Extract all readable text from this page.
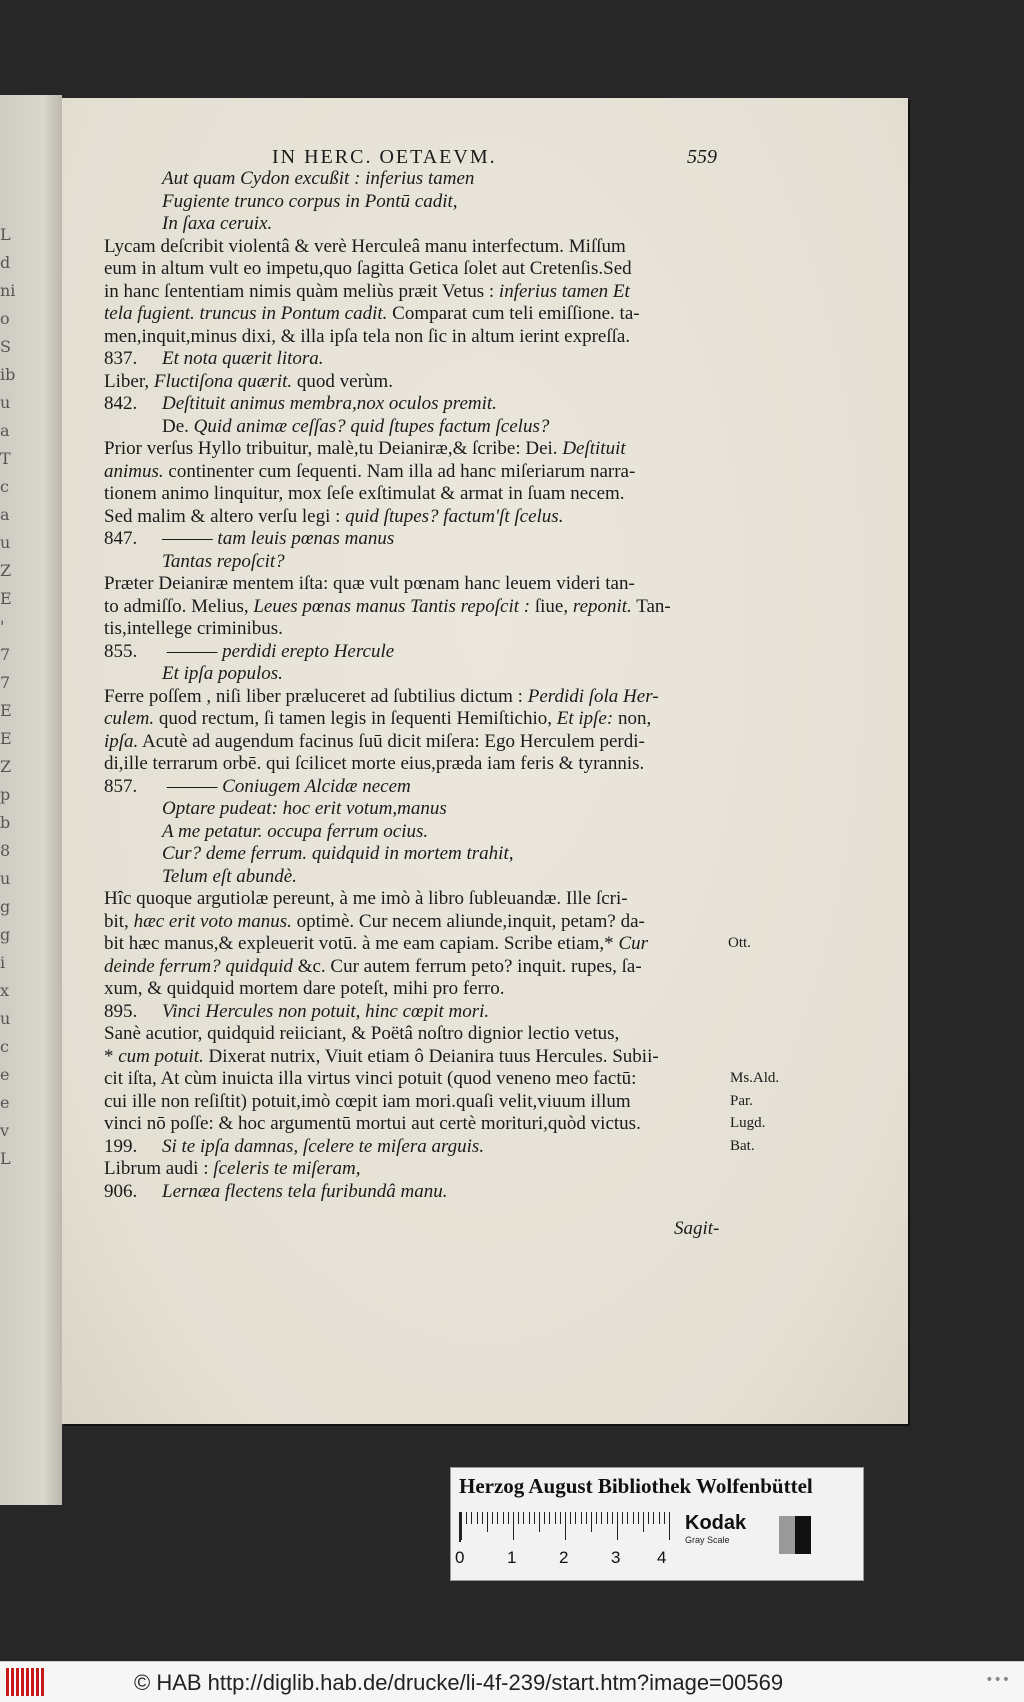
L
d
ni
o
S
ib
u
a
T
c
a
u
Z
E
'
7
7
E
E
Z
p
b
8
u
g
g
i
x
u
c
e
e
v
L
IN HERC. OETAEVM.	559
Aut quam Cydon excußit : inferius tamen
Fugiente trunco corpus in Pontū cadit,
In ſaxa ceruix.
Lycam deſcribit violentâ & verè Herculeâ manu interfectum. Miſſum
eum in altum vult eo impetu,quo ſagitta Getica ſolet aut Cretenſis.Sed
in hanc ſententiam nimis quàm meliùs præit Vetus : inferius tamen Et
tela fugient. truncus in Pontum cadit. Comparat cum teli emiſſione. ta-
men,inquit,minus dixi, & illa ipſa tela non ſic in altum ierint expreſſa.
837. Et nota quærit litora.
Liber, Fluctiſona quærit. quod verùm.
842. Deſtituit animus membra,nox oculos premit.
De. Quid animæ ceſſas? quid ſtupes factum ſcelus?
Prior verſus Hyllo tribuitur, malè,tu Deianiræ,& ſcribe: Dei. Deſtituit
animus. continenter cum ſequenti. Nam illa ad hanc miſeriarum narra-
tionem animo linquitur, mox ſeſe exſtimulat & armat in ſuam necem.
Sed malim & altero verſu legi : quid ſtupes? factum'ſt ſcelus.
847. ——— tam leuis pœnas manus
Tantas repoſcit?
Præter Deianiræ mentem iſta: quæ vult pœnam hanc leuem videri tan-
to admiſſo. Melius, Leues pœnas manus Tantis repoſcit : ſiue, reponit. Tan-
tis,intellege criminibus.
855. ——— perdidi erepto Hercule
Et ipſa populos.
Ferre poſſem , niſi liber præluceret ad ſubtilius dictum : Perdidi ſola Her-
culem. quod rectum, ſi tamen legis in ſequenti Hemiſtichio, Et ipſe: non,
ipſa. Acutè ad augendum facinus ſuū dicit miſera: Ego Herculem perdi-
di,ille terrarum orbē. qui ſcilicet morte eius,præda iam feris & tyrannis.
857. ——— Coniugem Alcidæ necem
Optare pudeat: hoc erit votum,manus
A me petatur. occupa ferrum ocius.
Cur? deme ferrum. quidquid in mortem trahit,
Telum eſt abundè.
Hîc quoque argutiolæ pereunt, à me imò à libro ſubleuandæ. Ille ſcri-
bit, hæc erit voto manus. optimè. Cur necem aliunde,inquit, petam? da-
bit hæc manus,& expleuerit votū. à me eam capiam. Scribe etiam,* Cur
deinde ferrum? quidquid &c. Cur autem ferrum peto? inquit. rupes, ſa-
xum, & quidquid mortem dare poteſt, mihi pro ferro.
895. Vinci Hercules non potuit, hinc cœpit mori.
Sanè acutior, quidquid reiiciant, & Poëtâ noſtro dignior lectio vetus,
* cum potuit. Dixerat nutrix, Viuit etiam ô Deianira tuus Hercules. Subii-
cit iſta, At cùm inuicta illa virtus vinci potuit (quod veneno meo factū:
cui ille non reſiſtit) potuit,imò cœpit iam mori.quaſi velit,viuum illum
vinci nō poſſe: & hoc argumentū mortui aut certè morituri,quòd victus.
199. Si te ipſa damnas, ſcelere te miſera arguis.
Librum audi : ſceleris te miſeram,
906. Lernæa flectens tela furibundâ manu.
Ott.
Ms.Ald.
Par.
Lugd.
Bat.
Sagit-
Herzog August Bibliothek Wolfenbüttel
0	1	2	3 4
Kodak
Gray Scale
© HAB http://diglib.hab.de/drucke/li-4f-239/start.htm?image=00569	•••
